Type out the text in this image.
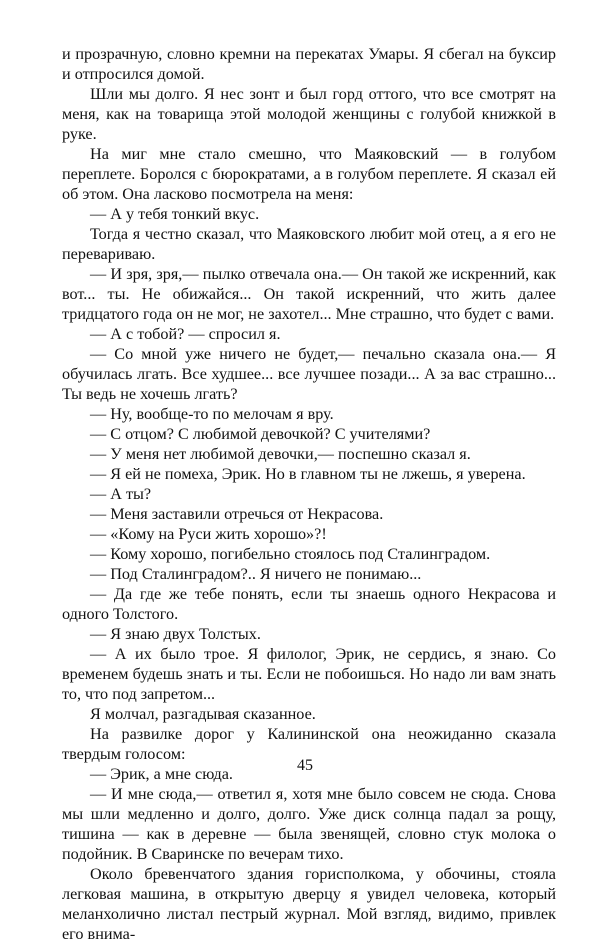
и прозрачную, словно кремни на перекатах Умары. Я сбегал на буксир и отпросился домой.

Шли мы долго. Я нес зонт и был горд оттого, что все смотрят на меня, как на товарища этой молодой женщины с голубой книжкой в руке.

На миг мне стало смешно, что Маяковский — в голубом переплете. Боролся с бюрократами, а в голубом переплете. Я сказал ей об этом. Она ласково посмотрела на меня:

— А у тебя тонкий вкус.

Тогда я честно сказал, что Маяковского любит мой отец, а я его не перевариваю.

— И зря, зря,— пылко отвечала она.— Он такой же искренний, как вот... ты. Не обижайся... Он такой искренний, что жить далее тридцатого года он не мог, не захотел... Мне страшно, что будет с вами.

— А с тобой? — спросил я.

— Со мной уже ничего не будет,— печально сказала она.— Я обучилась лгать. Все худшее... все лучшее позади... А за вас страшно... Ты ведь не хочешь лгать?

— Ну, вообще-то по мелочам я вру.

— С отцом? С любимой девочкой? С учителями?

— У меня нет любимой девочки,— поспешно сказал я.

— Я ей не помеха, Эрик. Но в главном ты не лжешь, я уверена.

— А ты?

— Меня заставили отречься от Некрасова.

— «Кому на Руси жить хорошо»?!

— Кому хорошо, погибельно стоялось под Сталинградом.

— Под Сталинградом?.. Я ничего не понимаю...

— Да где же тебе понять, если ты знаешь одного Некрасова и одного Толстого.

— Я знаю двух Толстых.

— А их было трое. Я филолог, Эрик, не сердись, я знаю. Со временем будешь знать и ты. Если не побоишься. Но надо ли вам знать то, что под запретом...

Я молчал, разгадывая сказанное.

На развилке дорог у Калининской она неожиданно сказала твердым голосом:

— Эрик, а мне сюда.

— И мне сюда,— ответил я, хотя мне было совсем не сюда. Снова мы шли медленно и долго, долго. Уже диск солнца падал за рощу, тишина — как в деревне — была звенящей, словно стук молока о подойник. В Сваринске по вечерам тихо.

Около бревенчатого здания горисполкома, у обочины, стояла легковая машина, в открытую дверцу я увидел человека, который меланхолично листал пестрый журнал. Мой взгляд, видимо, привлек его внима-

45
